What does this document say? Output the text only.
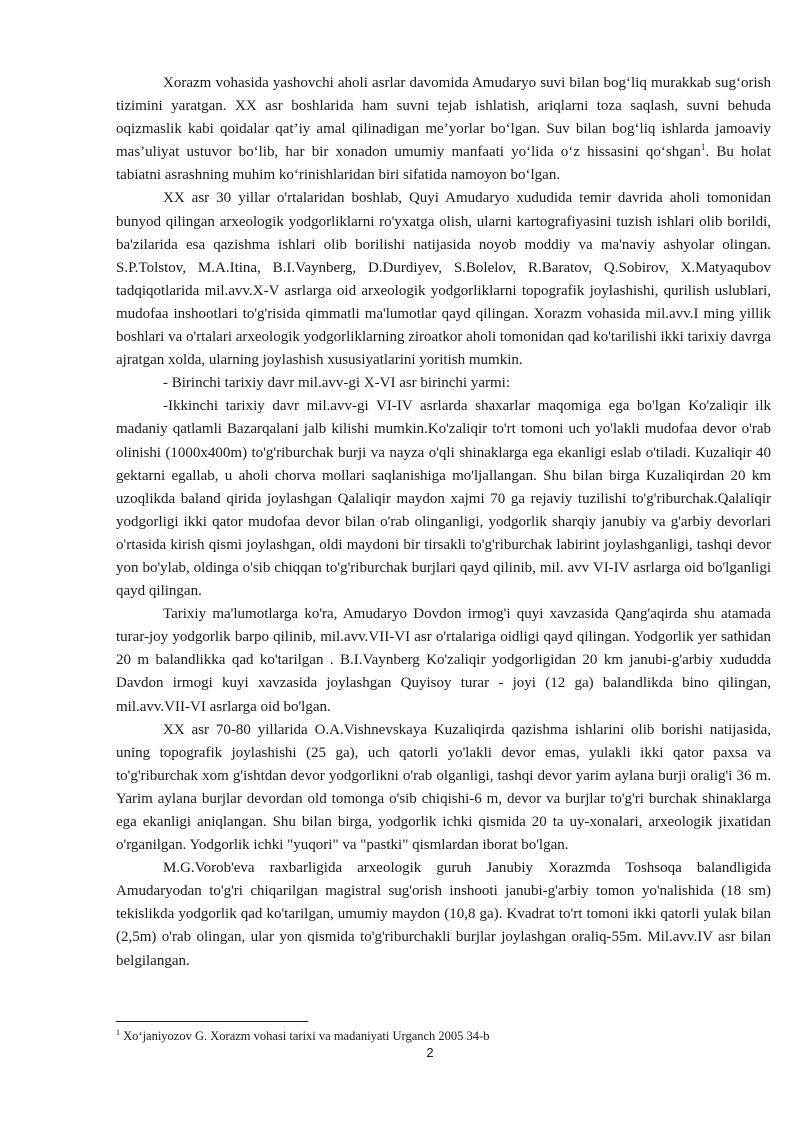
Xorazm vohasida yashovchi aholi asrlar davomida Amudaryo suvi bilan bog‘liq murakkab sug‘orish tizimini yaratgan. XX asr boshlarida ham suvni tejab ishlatish, ariqlarni toza saqlash, suvni behuda oqizmaslik kabi qoidalar qat’iy amal qilinadigan me’yorlar bo‘lgan. Suv bilan bog‘liq ishlarda jamoaviy mas’uliyat ustuvor bo‘lib, har bir xonadon umumiy manfaati yo‘lida o‘z hissasini qo‘shgan$^1$. Bu holat tabiatni asrashning muhim ko‘rinishlaridan biri sifatida namoyon bo‘lgan.

XX asr 30 yillar o'rtalaridan boshlab, Quyi Amudaryo xududida temir davrida aholi tomonidan bunyod qilingan arxeologik yodgorliklarni ro'yxatga olish, ularni kartografiyasini tuzish ishlari olib borildi, ba'zilarida esa qazishma ishlari olib borilishi natijasida noyob moddiy va ma'naviy ashyolar olingan. S.P.Tolstov, M.A.Itina, B.I.Vaynberg, D.Durdiyev, S.Bolelov, R.Baratov, Q.Sobirov, X.Matyaqubov tadqiqotlarida mil.avv.X-V asrlarga oid arxeologik yodgorliklarni topografik joylashishi, qurilish uslublari, mudofaa inshootlari to'g'risida qimmatli ma'lumotlar qayd qilingan. Xorazm vohasida mil.avv.I ming yillik boshlari va o'rtalari arxeologik yodgorliklarning ziroatkor aholi tomonidan qad ko'tarilishi ikki tarixiy davrga ajratgan xolda, ularning joylashish xususiyatlarini yoritish mumkin.

- Birinchi tarixiy davr mil.avv-gi X-VI asr birinchi yarmi:

-Ikkinchi tarixiy davr mil.avv-gi VI-IV asrlarda shaxarlar maqomiga ega bo'lgan Ko'zaliqir ilk madaniy qatlamli Bazarqalani jalb kilishi mumkin.Ko'zaliqir to'rt tomoni uch yo'lakli mudofaa devor o'rab olinishi (1000x400m) to'g'riburchak burji va nayza o'qli shinaklarga ega ekanligi eslab o'tiladi. Kuzaliqir 40 gektarni egallab, u aholi chorva mollari saqlanishiga mo'ljallangan. Shu bilan birga Kuzaliqirdan 20 km uzoqlikda baland qirida joylashgan Qalaliqir maydon xajmi 70 ga rejaviy tuzilishi to'g'riburchak.Qalaliqir yodgorligi ikki qator mudofaa devor bilan o'rab olinganligi, yodgorlik sharqiy janubiy va g'arbiy devorlari o'rtasida kirish qismi joylashgan, oldi maydoni bir tirsakli to'g'riburchak labirint joylashganligi, tashqi devor yon bo'ylab, oldinga o'sib chiqqan to'g'riburchak burjlari qayd qilinib, mil. avv VI-IV asrlarga oid bo'lganligi qayd qilingan.

Tarixiy ma'lumotlarga ko'ra, Amudaryo Dovdon irmog'i quyi xavzasida Qang'aqirda shu atamada turar-joy yodgorlik barpo qilinib, mil.avv.VII-VI asr o'rtalariga oidligi qayd qilingan. Yodgorlik yer sathidan 20 m balandlikka qad ko'tarilgan . B.I.Vaynberg Ko'zaliqir yodgorligidan 20 km janubi-g'arbiy xududda Davdon irmogi kuyi xavzasida joylashgan Quyisoy turar - joyi (12 ga) balandlikda bino qilingan, mil.avv.VII-VI asrlarga oid bo'lgan.

XX asr 70-80 yillarida O.A.Vishnevskaya Kuzaliqirda qazishma ishlarini olib borishi natijasida, uning topografik joylashishi (25 ga), uch qatorli yo'lakli devor emas, yulakli ikki qator paxsa va to'g'riburchak xom g'ishtdan devor yodgorlikni o'rab olganligi, tashqi devor yarim aylana burji oralig'i 36 m. Yarim aylana burjlar devordan old tomonga o'sib chiqishi-6 m, devor va burjlar to'g'ri burchak shinaklarga ega ekanligi aniqlangan. Shu bilan birga, yodgorlik ichki qismida 20 ta uy-xonalari, arxeologik jixatidan o'rganilgan. Yodgorlik ichki "yuqori" va "pastki" qismlardan iborat bo'lgan.

M.G.Vorob'eva raxbarligida arxeologik guruh Janubiy Xorazmda Toshsoqa balandligida Amudaryodan to'g'ri chiqarilgan magistral sug'orish inshooti janubi-g'arbiy tomon yo'nalishida (18 sm) tekislikda yodgorlik qad ko'tarilgan, umumiy maydon (10,8 ga). Kvadrat to'rt tomoni ikki qatorli yulak bilan (2,5m) o'rab olingan, ular yon qismida to'g'riburchakli burjlar joylashgan oraliq-55m. Mil.avv.IV asr bilan belgilangan.

$^1$ Xo‘janiyozov G. Xorazm vohasi tarixi va madaniyati Urganch 2005 34-b
2
